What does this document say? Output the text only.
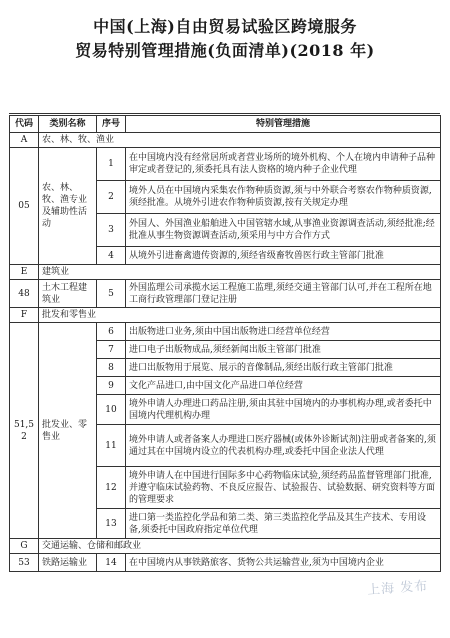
中国(上海)自由贸易试验区跨境服务
贸易特别管理措施(负面清单)(2018 年)
代码	类别名称	序号	特别管理措施
A	农、林、牧、渔业		
05	农、林、牧、渔专业及辅助性活动	1	在中国境内没有经常居所或者营业场所的境外机构、个人在境内申请种子品种审定或者登记的,须委托具有法人资格的境内种子企业代理
		2	境外人员在中国境内采集农作物种质资源,须与中外联合考察农作物种质资源,须经批准。从境外引进农作物种质资源,按有关规定办理
		3	外国人、外国渔业船舶进入中国管辖水域,从事渔业资源调查活动,须经批准;经批准从事生物资源调查活动,须采用与中方合作方式
		4	从境外引进畜禽遗传资源的,须经省级畜牧兽医行政主管部门批准
E	建筑业		
48	土木工程建筑业	5	外国监理公司承揽水运工程施工监理,须经交通主管部门认可,并在工程所在地工商行政管理部门登记注册
F	批发和零售业		
51,52	批发业、零售业	6	出版物进口业务,须由中国出版物进口经营单位经营
		7	进口电子出版物成品,须经新闻出版主管部门批准
		8	进口出版物用于展览、展示的音像制品,须经出版行政主管部门批准
		9	文化产品进口,由中国文化产品进口单位经营
		10	境外申请人办理进口药品注册,须由其驻中国境内的办事机构办理,或者委托中国境内代理机构办理
		11	境外申请人或者备案人办理进口医疗器械(或体外诊断试剂)注册或者备案的,须通过其在中国境内设立的代表机构办理,或委托中国企业法人代理
		12	境外申请人在中国进行国际多中心药物临床试验,须经药品监督管理部门批准,并遵守临床试验药物、不良反应报告、试验报告、试验数据、研究资料等方面的管理要求
		13	进口第一类监控化学品和第二类、第三类监控化学品及其生产技术、专用设备,须委托中国政府指定单位代理
G	交通运输、仓储和邮政业		
53	铁路运输业	14	在中国境内从事铁路旅客、货物公共运输营业,须为中国境内企业
上海 发布
